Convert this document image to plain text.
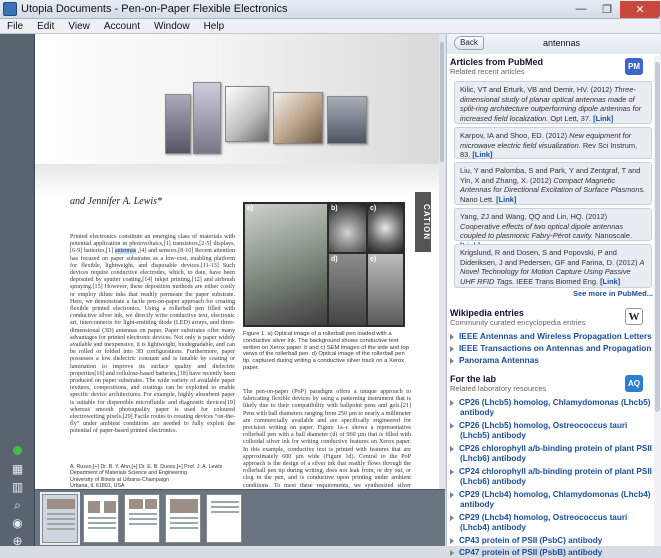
Utopia Documents - Pen-on-Paper Flexible Electronics	—	❐	✕
File	Edit	View	Account	Window	Help
▦
▥
⌕
◉
⊕
and Jennifer A. Lewis*
CATION
Printed electronics constitute an emerging class of materials with potential application in photovoltaics,[1] transistors,[2-5] displays,[6-9] batteries,[1] antennas ,[4] and sensors.[8-10] Recent attention has focused on paper substrates as a low-cost, enabling platform for flexible, lightweight, and disposable devices.[11-13] Such devices require conductive electrodes, which, to date, have been deposited by sputter coating,[14] inkjet printing,[12] and airbrush spraying.[15] However, these deposition methods are either costly or employ dilute inks that readily permeate the paper substrate. Here, we demonstrate a facile pen-on-paper approach for creating flexible printed electronics. Using a rollerball pen filled with conductive silver ink, we directly write conductive text, electronic art, interconnects for light-emitting diode (LED) arrays, and three-dimensional (3D) antennas on paper. Paper substrates offer many advantages for printed electronic devices. Not only is paper widely available and inexpensive, it is lightweight, biodegradable, and can be rolled or folded into 3D configurations. Furthermore, paper possesses a low dielectric constant and is tunable by coating or lamination to improve its surface quality and dielectric properties[16] and cellulose-based batteries,[18] have recently been produced on paper substrates. The wide variety of available paper textures, compositions, and coatings can be exploited to enable specific device architectures. For example, highly absorbent paper is suitable for dispersible microfluidic and diagnostic devices[19] whereas smooth photoquality paper is used for coloured electrowetting pixels.[20] Facile routes to creating devices “on-the-fly” under ambient conditions are needed to fully exploit the potential of paper-based printed electronics.
a)	b)	c)
d)	e)
Figure 1. a) Optical image of a rollerball pen loaded with a conductive silver ink. The background shows conductive text written on Xerox paper. b and c) SEM images of the side and top views of the rollerball pen. d) Optical image of the rollerball pen tip, captured during writing a conductive silver track on a Xerox paper.
The pen-on-paper (PoP) paradigm offers a unique approach to fabricating flexible devices by using a patterning instrument that is likely due to their compatibility with ballpoint pens and gels.[21] Pens with ball diameters ranging from 250 µm to nearly a millimeter are commercially available and are specifically engineered for precision writing on paper. Figure 1a–c shows a representative rollerball pen with a ball diameter (d) of 960 µm that is filled with colloidal silver ink for writing conductive features on Xerox paper. In this example, conductive text is printed with features that are approximately 600 µm wide (Figure 1d). Central to the PoP approach is the design of a silver ink that readily flows through the rollerball pen tip during writing, does not leak from, or dry out, or clog in the pen, and is conductive upon printing under ambient conditions. To meet these requirements, we synthesized silver
A. Russo,[+] Dr. B. Y. Ahn,[+] Dr. E. B. Duoss,[+] Prof. J. A. Lewis
Department of Materials Science and Engineering
University of Illinois at Urbana-Champaign
Urbana, IL 61801, USA

Back	antennas
Articles from PubMed
Related recent articles
PM
Kilic, VT and Erturk, VB and Demir, HV. (2012) Three-dimensional study of planar optical antennas made of split-ring architecture outperforming dipole antennas for increased field localization. Opt Lett, 37. [Link]
Karpov, IA and Shoo, ED. (2012) New equipment for microwave electric field visualization. Rev Sci Instrum, 83. [Link]
Liu, Y and Palomba, S and Park, Y and Zentgraf, T and Yin, X and Zhang, X. (2012) Compact Magnetic Antennas for Directional Excitation of Surface Plasmons. Nano Lett. [Link]
Yang, ZJ and Wang, QQ and Lin, HQ. (2012) Cooperative effects of two optical dipole antennas coupled to plasmonic Fabry-Pérot cavity. Nanoscale.
Krigslund, R and Dosen, S and Popovski, P and Dideriksen, J and Pedersen, GF and Farina, D. (2012) A Novel Technology for Motion Capture Using Passive UHF RFID Tags. IEEE Trans Biomed Eng. [Link]
See more in PubMed...
Wikipedia entries
Community curated encyclopedia entries	W
IEEE Antennas and Wireless Propagation Letters
IEEE Transactions on Antennas and Propagation
Panorama Antennas
For the lab
Related laboratory resources
AQ
CP26 (Lhcb5) homolog, Chlamydomonas (Lhcb5)
antibody
CP26 (Lhcb5) homolog, Ostreococcus tauri
(Lhcb5) antibody
CP26 chlorophyll a/b-binding protein of plant PSII
(Lhcb6) antibody
CP24 chlorophyll a/b-binding protein of plant PSII
(Lhcb6) antibody
CP29 (Lhcb4) homolog, Chlamydomonas (Lhcb4)
antibody
CP29 (Lhcb4) homolog, Ostreococcus tauri
(Lhcb4) antibody
CP43 protein of PSII (PsbC) antibody
CP47 protein of PSII (PsbB) antibody
